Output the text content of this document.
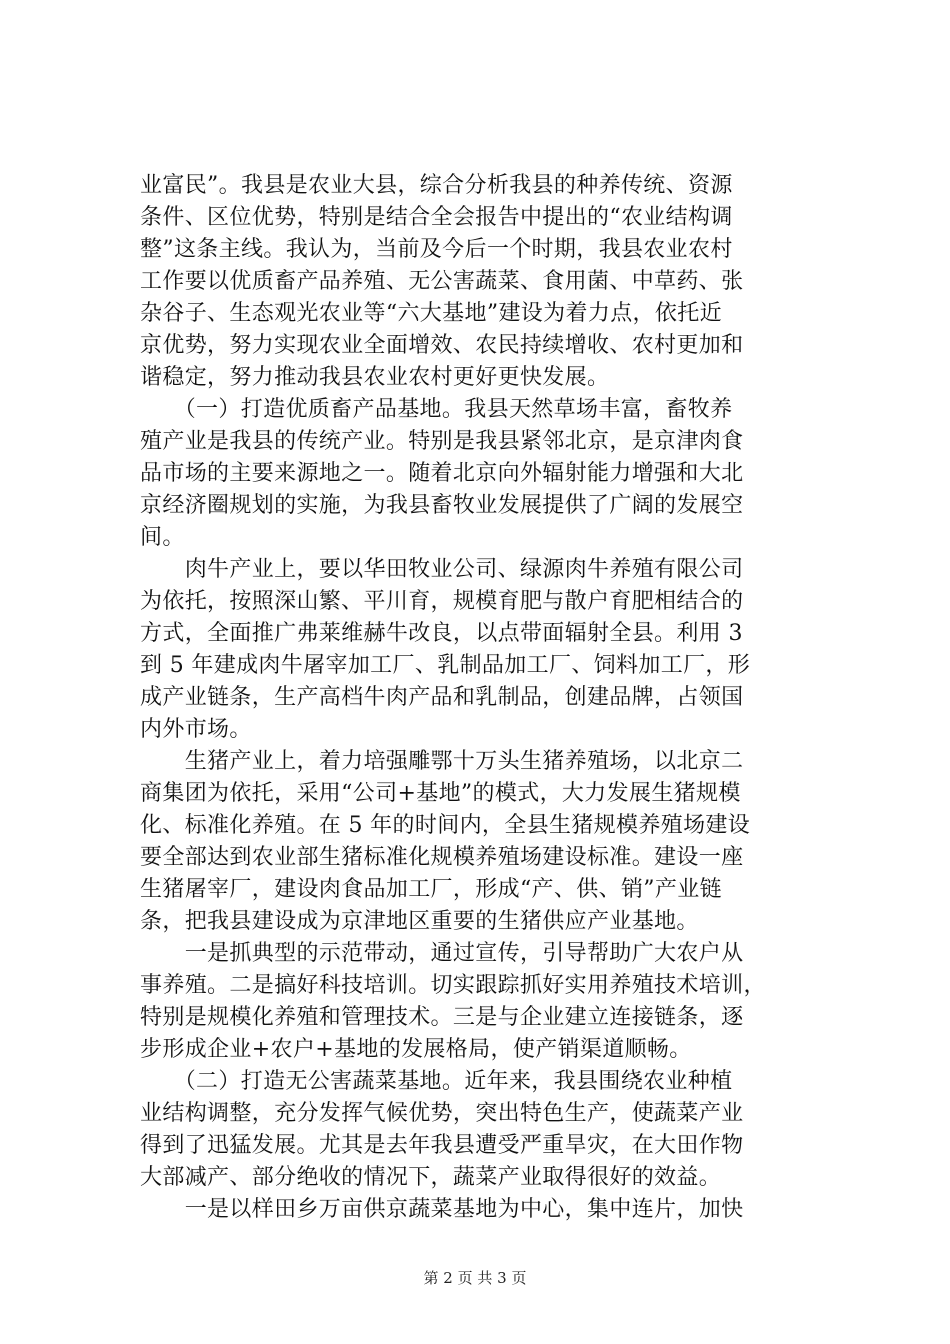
业富民”。我县是农业大县，综合分析我县的种养传统、资源
条件、区位优势，特别是结合全会报告中提出的“农业结构调
整”这条主线。我认为，当前及今后一个时期，我县农业农村
工作要以优质畜产品养殖、无公害蔬菜、食用菌、中草药、张
杂谷子、生态观光农业等“六大基地”建设为着力点，依托近
京优势，努力实现农业全面增效、农民持续增收、农村更加和
谐稳定，努力推动我县农业农村更好更快发展。
　　（一）打造优质畜产品基地。我县天然草场丰富，畜牧养
殖产业是我县的传统产业。特别是我县紧邻北京，是京津肉食
品市场的主要来源地之一。随着北京向外辐射能力增强和大北
京经济圈规划的实施，为我县畜牧业发展提供了广阔的发展空
间。
　　肉牛产业上，要以华田牧业公司、绿源肉牛养殖有限公司
为依托，按照深山繁、平川育，规模育肥与散户育肥相结合的
方式，全面推广弗莱维赫牛改良，以点带面辐射全县。利用 3
到 5 年建成肉牛屠宰加工厂、乳制品加工厂、饲料加工厂，形
成产业链条，生产高档牛肉产品和乳制品，创建品牌，占领国
内外市场。
　　生猪产业上，着力培强雕鄂十万头生猪养殖场，以北京二
商集团为依托，采用“公司+基地”的模式，大力发展生猪规模
化、标准化养殖。在 5 年的时间内，全县生猪规模养殖场建设
要全部达到农业部生猪标准化规模养殖场建设标准。建设一座
生猪屠宰厂，建设肉食品加工厂，形成“产、供、销”产业链
条，把我县建设成为京津地区重要的生猪供应产业基地。
　　一是抓典型的示范带动，通过宣传，引导帮助广大农户从
事养殖。二是搞好科技培训。切实跟踪抓好实用养殖技术培训，
特别是规模化养殖和管理技术。三是与企业建立连接链条，逐
步形成企业+农户+基地的发展格局，使产销渠道顺畅。
　　（二）打造无公害蔬菜基地。近年来，我县围绕农业种植
业结构调整，充分发挥气候优势，突出特色生产，使蔬菜产业
得到了迅猛发展。尤其是去年我县遭受严重旱灾，在大田作物
大部减产、部分绝收的情况下，蔬菜产业取得很好的效益。
　　一是以样田乡万亩供京蔬菜基地为中心，集中连片，加快
第 2 页 共 3 页
